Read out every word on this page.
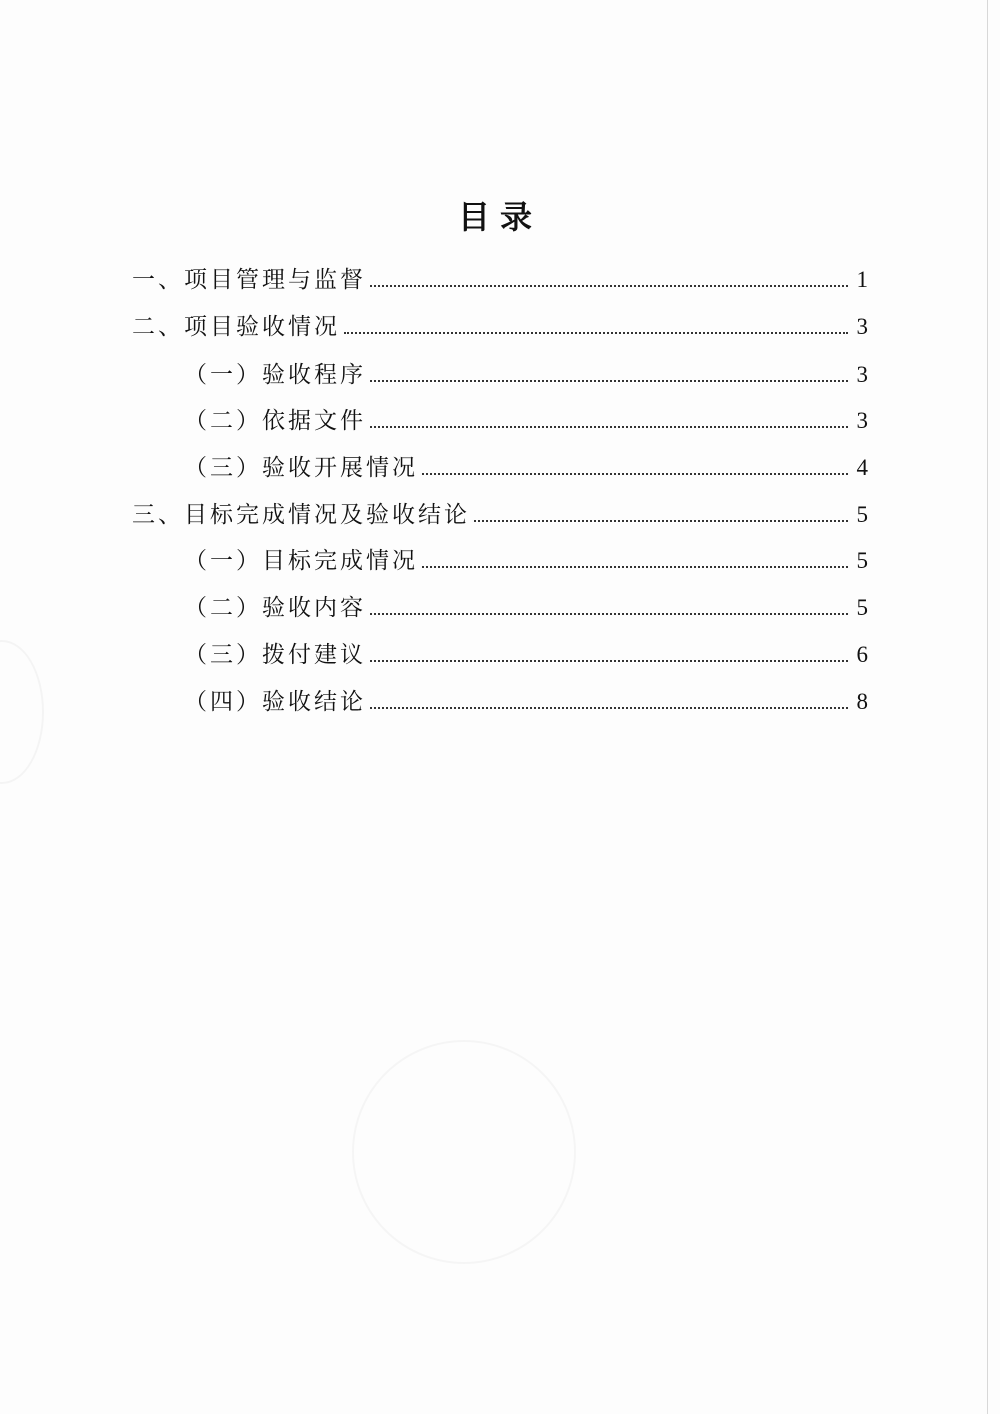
目录
一、项目管理与监督	1
二、项目验收情况	3
（一）验收程序	3
（二）依据文件	3
（三）验收开展情况	4
三、目标完成情况及验收结论	5
（一）目标完成情况	5
（二）验收内容	5
（三）拨付建议	6
（四）验收结论	8
